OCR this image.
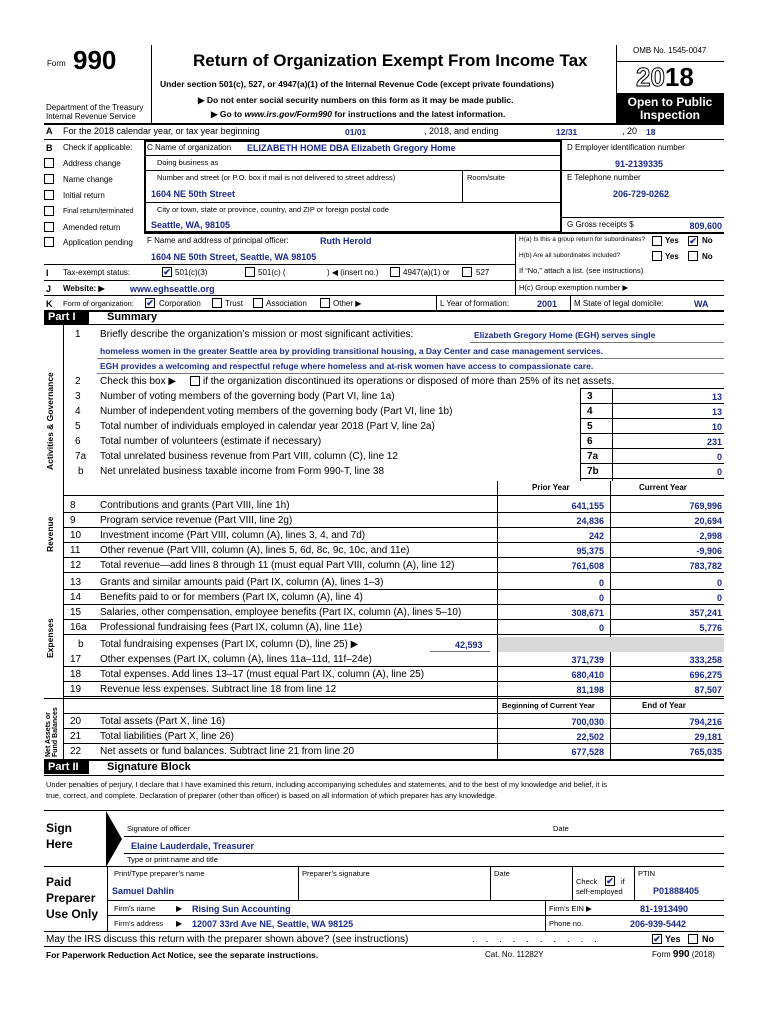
Form 990
Department of the Treasury
Internal Revenue Service
Return of Organization Exempt From Income Tax
Under section 501(c), 527, or 4947(a)(1) of the Internal Revenue Code (except private foundations)
▶ Do not enter social security numbers on this form as it may be made public.
▶ Go to www.irs.gov/Form990 for instructions and the latest information.
OMB No. 1545-0047
2018
Open to Public
Inspection
A For the 2018 calendar year, or tax year beginning	01/01	, 2018, and ending	12/31	, 20 18
B Check if applicable:
Address change
Name change
Initial return
Final return/terminated
Amended return
Application pending
C Name of organization ELIZABETH HOME DBA Elizabeth Gregory Home
Doing business as
Number and street (or P.O. box if mail is not delivered to street address)	Room/suite
1604 NE 50th Street
City or town, state or province, country, and ZIP or foreign postal code
Seattle, WA, 98105
F Name and address of principal officer:	Ruth Herold
1604 NE 50th Street, Seattle, WA 98105
D Employer identification number
91-2139335
E Telephone number
206-729-0262
G Gross receipts $	809,600
H(a) Is this a group return for subordinates? Yes ✔ No
H(b) Are all subordinates included?	Yes	No
If “No,” attach a list. (see instructions)
H(c) Group exemption number ▶
I Tax-exempt status:	✔ 501(c)(3)	501(c) (	) ◀ (insert no.)	4947(a)(1) or	527
J Website: ▶	www.eghseattle.org
K Form of organization: ✔ Corporation	Trust	Association	Other ▶	L Year of formation:	2001 M State of legal domicile:	WA
Part I	Summary
Activities & Governance
Revenue
Expenses
Net Assets or Fund Balances
1 Briefly describe the organization’s mission or most significant activities:	Elizabeth Gregory Home (EGH) serves single
homeless women in the greater Seattle area by providing transitional housing, a Day Center and case management services.
EGH provides a welcoming and respectful refuge where homeless and at-risk women have access to compassionate care.
2 Check this box ▶	if the organization discontinued its operations or disposed of more than 25% of its net assets.
3 Number of voting members of the governing body (Part VI, line 1a)	3	13
4 Number of independent voting members of the governing body (Part VI, line 1b)	4	13
5 Total number of individuals employed in calendar year 2018 (Part V, line 2a)	5	10
6 Total number of volunteers (estimate if necessary)	6	231
7a Total unrelated business revenue from Part VIII, column (C), line 12	7a	0
b Net unrelated business taxable income from Form 990-T, line 38	7b	0
Prior Year	Current Year
8 Contributions and grants (Part VIII, line 1h)	641,155	769,996
9 Program service revenue (Part VIII, line 2g)	24,836	20,694
10 Investment income (Part VIII, column (A), lines 3, 4, and 7d)	242	2,998
11 Other revenue (Part VIII, column (A), lines 5, 6d, 8c, 9c, 10c, and 11e)	95,375	-9,906
12 Total revenue—add lines 8 through 11 (must equal Part VIII, column (A), line 12)	761,608	783,782
13 Grants and similar amounts paid (Part IX, column (A), lines 1–3)	0	0
14 Benefits paid to or for members (Part IX, column (A), line 4)	0	0
15 Salaries, other compensation, employee benefits (Part IX, column (A), lines 5–10)	308,671	357,241
16a Professional fundraising fees (Part IX, column (A), line 11e)	0	5,776
17 Other expenses (Part IX, column (A), lines 11a–11d, 11f–24e)	371,739	333,258
18 Total expenses. Add lines 13–17 (must equal Part IX, column (A), line 25)	680,410	696,275
19 Revenue less expenses. Subtract line 18 from line 12	81,198	87,507
b Total fundraising expenses (Part IX, column (D), line 25) ▶	42,593
Beginning of Current Year	End of Year
20 Total assets (Part X, line 16)	700,030	794,216
21 Total liabilities (Part X, line 26)	22,502	29,181
22 Net assets or fund balances. Subtract line 21 from line 20	677,528	765,035
Part II	Signature Block
Under penalties of perjury, I declare that I have examined this return, including accompanying schedules and statements, and to the best of my knowledge and belief, it is
true, correct, and complete. Declaration of preparer (other than officer) is based on all information of which preparer has any knowledge.
Sign
Here
Signature of officer	Date
Elaine Lauderdale, Treasurer
Type or print name and title
Paid
Preparer
Use Only
Print/Type preparer’s name	Preparer’s signature	Date
Check ✔ if
self-employed
PTIN
Samuel Dahlin	P01888405
Firm’s name	▶ Rising Sun Accounting	Firm’s EIN ▶	81-1913490
Firm’s address ▶ 12007 33rd Ave NE, Seattle, WA 98125	Phone no.	206-939-5442
May the IRS discuss this return with the preparer shown above? (see instructions)	. . . . . . . . . .	✔ Yes No
For Paperwork Reduction Act Notice, see the separate instructions.	Cat. No. 11282Y	Form 990 (2018)
